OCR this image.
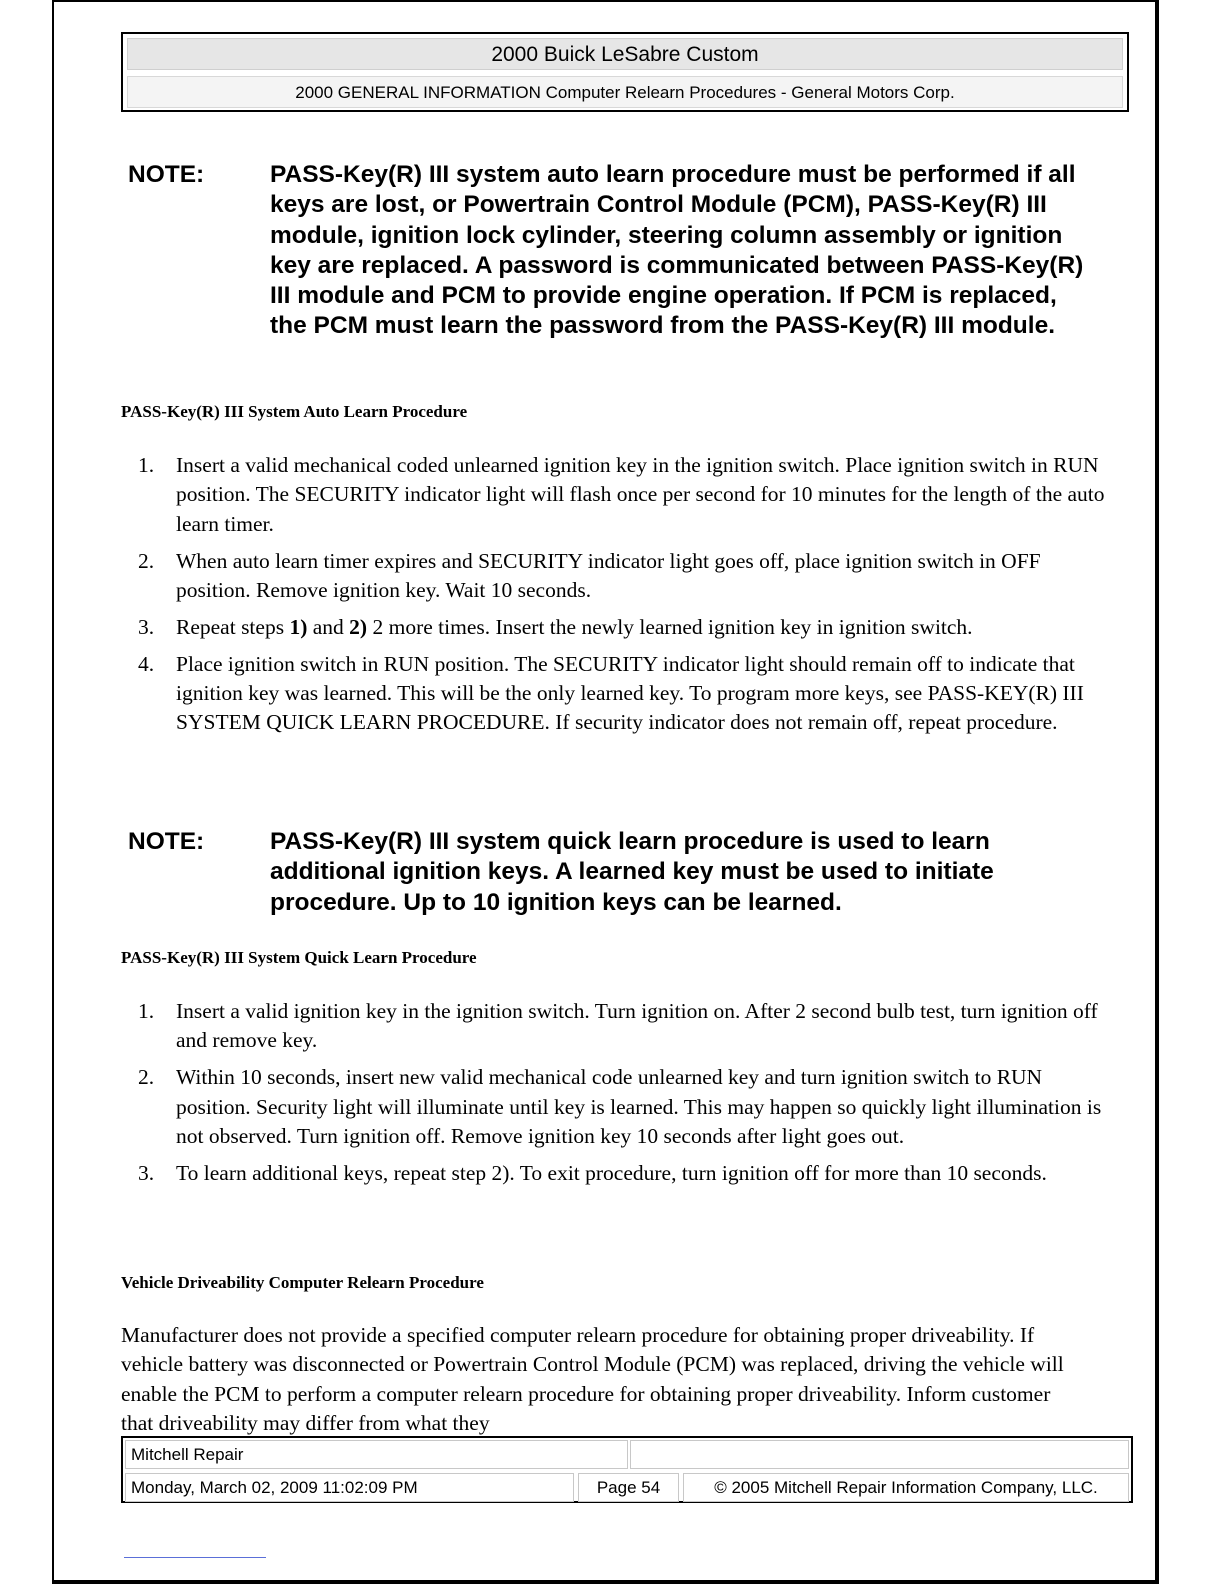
2000 Buick LeSabre Custom
2000 GENERAL INFORMATION Computer Relearn Procedures - General Motors Corp.
NOTE:	PASS-Key(R) III system auto learn procedure must be performed if all keys are lost, or Powertrain Control Module (PCM), PASS-Key(R) III module, ignition lock cylinder, steering column assembly or ignition key are replaced. A password is communicated between PASS-Key(R) III module and PCM to provide engine operation. If PCM is replaced, the PCM must learn the password from the PASS-Key(R) III module.
PASS-Key(R) III System Auto Learn Procedure
1. Insert a valid mechanical coded unlearned ignition key in the ignition switch. Place ignition switch in RUN position. The SECURITY indicator light will flash once per second for 10 minutes for the length of the auto learn timer.
2. When auto learn timer expires and SECURITY indicator light goes off, place ignition switch in OFF position. Remove ignition key. Wait 10 seconds.
3. Repeat steps 1) and 2) 2 more times. Insert the newly learned ignition key in ignition switch.
4. Place ignition switch in RUN position. The SECURITY indicator light should remain off to indicate that ignition key was learned. This will be the only learned key. To program more keys, see PASS-KEY(R) III SYSTEM QUICK LEARN PROCEDURE. If security indicator does not remain off, repeat procedure.
NOTE:	PASS-Key(R) III system quick learn procedure is used to learn additional ignition keys. A learned key must be used to initiate procedure. Up to 10 ignition keys can be learned.
PASS-Key(R) III System Quick Learn Procedure
1. Insert a valid ignition key in the ignition switch. Turn ignition on. After 2 second bulb test, turn ignition off and remove key.
2. Within 10 seconds, insert new valid mechanical code unlearned key and turn ignition switch to RUN position. Security light will illuminate until key is learned. This may happen so quickly light illumination is not observed. Turn ignition off. Remove ignition key 10 seconds after light goes out.
3. To learn additional keys, repeat step 2). To exit procedure, turn ignition off for more than 10 seconds.
Vehicle Driveability Computer Relearn Procedure
Manufacturer does not provide a specified computer relearn procedure for obtaining proper driveability. If vehicle battery was disconnected or Powertrain Control Module (PCM) was replaced, driving the vehicle will enable the PCM to perform a computer relearn procedure for obtaining proper driveability. Inform customer that driveability may differ from what they
Mitchell Repair
Monday, March 02, 2009 11:02:09 PM	Page 54	© 2005 Mitchell Repair Information Company, LLC.
